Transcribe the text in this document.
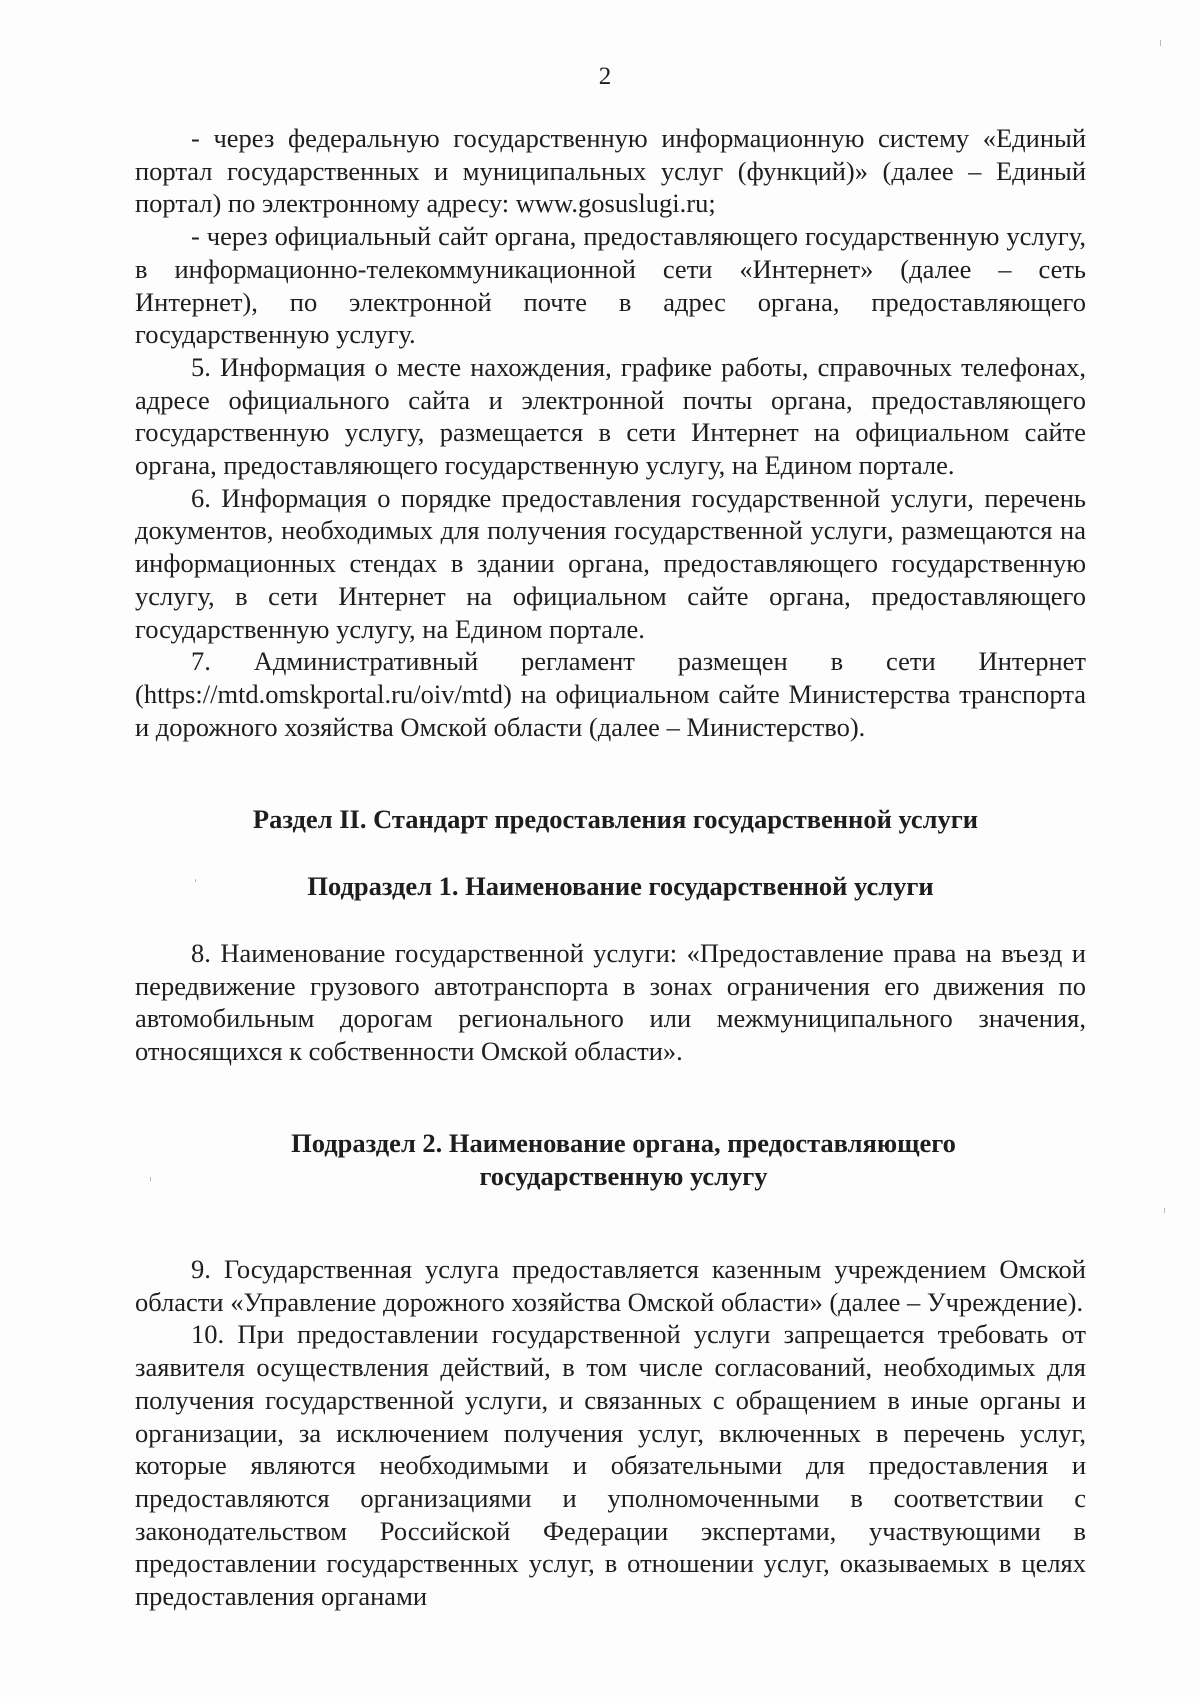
2

- через федеральную государственную информационную систему «Единый портал государственных и муниципальных услуг (функций)» (далее – Единый портал) по электронному адресу: www.gosuslugi.ru;

- через официальный сайт органа, предоставляющего государственную услугу, в информационно-телекоммуникационной сети «Интернет» (далее – сеть Интернет), по электронной почте в адрес органа, предоставляющего государственную услугу.

5. Информация о месте нахождения, графике работы, справочных телефонах, адресе официального сайта и электронной почты органа, предоставляющего государственную услугу, размещается в сети Интернет на официальном сайте органа, предоставляющего государственную услугу, на Едином портале.

6. Информация о порядке предоставления государственной услуги, перечень документов, необходимых для получения государственной услуги, размещаются на информационных стендах в здании органа, предоставляющего государственную услугу, в сети Интернет на официальном сайте органа, предоставляющего государственную услугу, на Едином портале.

7. Административный регламент размещен в сети Интернет (https://mtd.omskportal.ru/oiv/mtd) на официальном сайте Министерства транспорта и дорожного хозяйства Омской области (далее – Министерство).

Раздел II. Стандарт предоставления государственной услуги
Подраздел 1. Наименование государственной услуги

8. Наименование государственной услуги: «Предоставление права на въезд и передвижение грузового автотранспорта в зонах ограничения его движения по автомобильным дорогам регионального или межмуниципального значения, относящихся к собственности Омской области».

Подраздел 2. Наименование органа, предоставляющего
государственную услугу

9. Государственная услуга предоставляется казенным учреждением Омской области «Управление дорожного хозяйства Омской области» (далее – Учреждение).

10. При предоставлении государственной услуги запрещается требовать от заявителя осуществления действий, в том числе согласований, необходимых для получения государственной услуги, и связанных с обращением в иные органы и организации, за исключением получения услуг, включенных в перечень услуг, которые являются необходимыми и обязательными для предоставления и предоставляются организациями и уполномоченными в соответствии с законодательством Российской Федерации экспертами, участвующими в предоставлении государственных услуг, в отношении услуг, оказываемых в целях предоставления органами
